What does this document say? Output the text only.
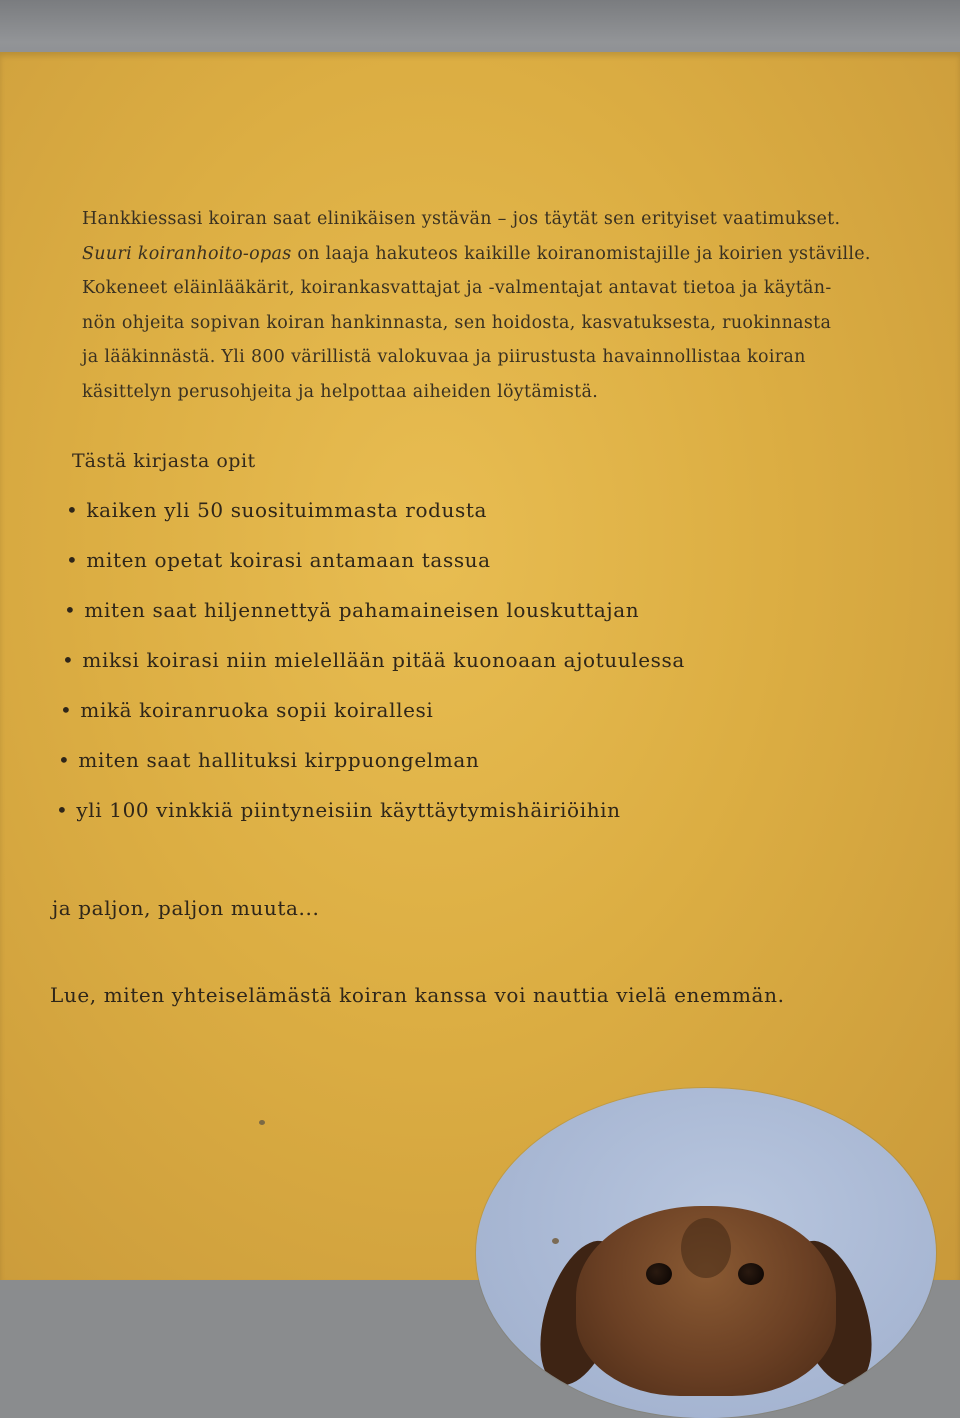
Hankkiessasi koiran saat elinikäisen ystävän – jos täytät sen erityiset vaatimukset.
Suuri koiranhoito-opas on laaja hakuteos kaikille koiranomistajille ja koirien ystäville.
Kokeneet eläinlääkärit, koirankasvattajat ja -valmentajat antavat tietoa ja käytän-
nön ohjeita sopivan koiran hankinnasta, sen hoidosta, kasvatuksesta, ruokinnasta
ja lääkinnästä. Yli 800 värillistä valokuvaa ja piirustusta havainnollistaa koiran
käsittelyn perusohjeita ja helpottaa aiheiden löytämistä.
Tästä kirjasta opit
• kaiken yli 50 suosituimmasta rodusta
• miten opetat koirasi antamaan tassua
• miten saat hiljennettyä pahamaineisen louskuttajan
• miksi koirasi niin mielellään pitää kuonoaan ajotuulessa
• mikä koiranruoka sopii koirallesi
• miten saat hallituksi kirppuongelman
• yli 100 vinkkiä piintyneisiin käyttäytymishäiriöihin
ja paljon, paljon muuta...
Lue, miten yhteiselämästä koiran kanssa voi nauttia vielä enemmän.
